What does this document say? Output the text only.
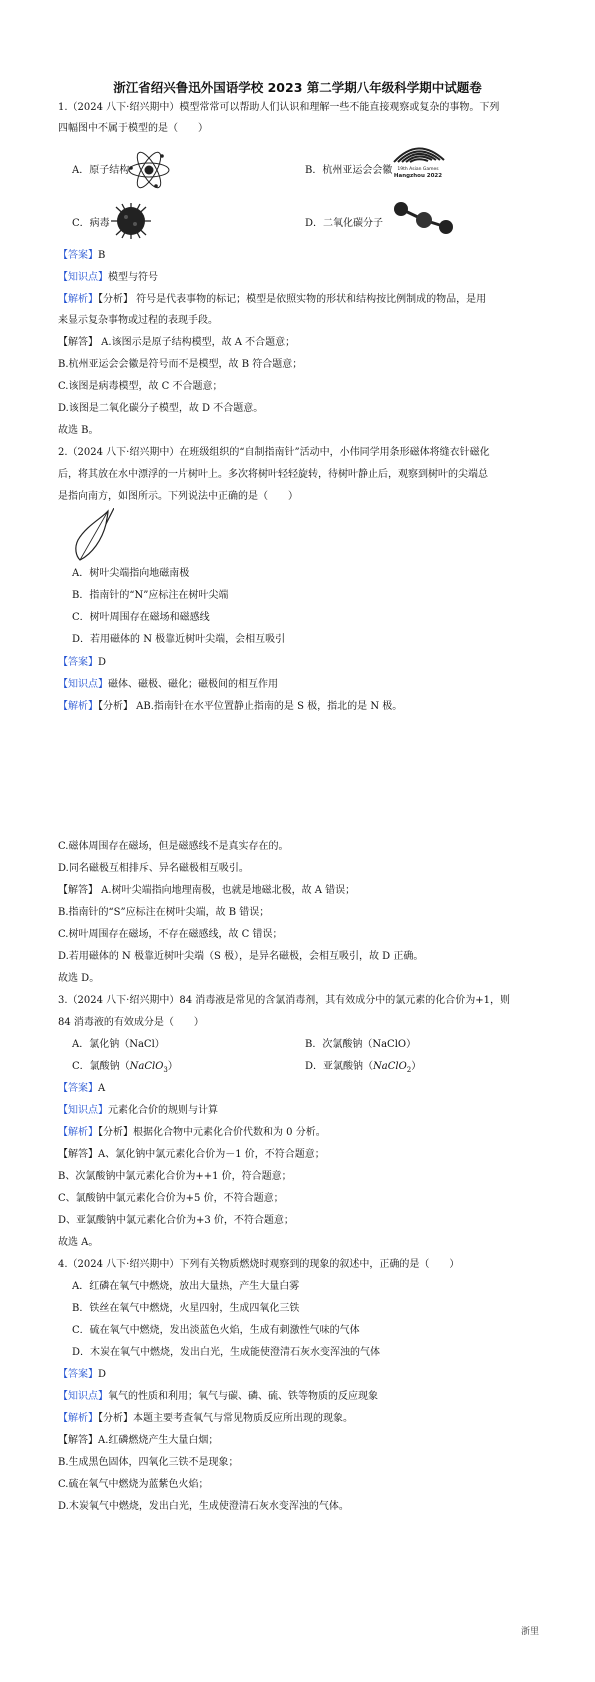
浙江省绍兴鲁迅外国语学校 2023 第二学期八年级科学期中试题卷
1.（2024 八下·绍兴期中）模型常常可以帮助人们认识和理解一些不能直接观察或复杂的事物。下列
四幅图中不属于模型的是（　　）
A．原子结构	B．杭州亚运会会徽 19th Asian Games
Hangzhou 2022
C．病毒	D．二氧化碳分子
【答案】B
【知识点】模型与符号
【解析】【分析】 符号是代表事物的标记；模型是依照实物的形状和结构按比例制成的物品，是用
来显示复杂事物或过程的表现手段。
【解答】 A.该图示是原子结构模型，故 A 不合题意；
B.杭州亚运会会徽是符号而不是模型，故 B 符合题意；
C.该图是病毒模型，故 C 不合题意；
D.该图是二氧化碳分子模型，故 D 不合题意。
故选 B。
2.（2024 八下·绍兴期中）在班级组织的“自制指南针”活动中，小伟同学用条形磁体将缝衣针磁化
后，将其放在水中漂浮的一片树叶上。多次将树叶轻轻旋转，待树叶静止后，观察到树叶的尖端总
是指向南方，如图所示。下列说法中正确的是（　　）
A．树叶尖端指向地磁南极
B．指南针的“N”应标注在树叶尖端
C．树叶周围存在磁场和磁感线
D．若用磁体的 N 极靠近树叶尖端，会相互吸引
【答案】D
【知识点】磁体、磁极、磁化；磁极间的相互作用
【解析】【分析】 AB.指南针在水平位置静止指南的是 S 极，指北的是 N 极。
C.磁体周围存在磁场，但是磁感线不是真实存在的。
D.同名磁极互相排斥、异名磁极相互吸引。
【解答】 A.树叶尖端指向地理南极，也就是地磁北极，故 A 错误；
B.指南针的“S”应标注在树叶尖端，故 B 错误；
C.树叶周围存在磁场，不存在磁感线，故 C 错误；
D.若用磁体的 N 极靠近树叶尖端（S 极），是异名磁极，会相互吸引，故 D 正确。
故选 D。
3.（2024 八下·绍兴期中）84 消毒液是常见的含氯消毒剂，其有效成分中的氯元素的化合价为+1，则
84 消毒液的有效成分是（　　）
A．氯化钠（NaCl）	B．次氯酸钠（NaClO）
C．氯酸钠（NaClO$_3$）	D．亚氯酸钠（NaClO$_2$）
【答案】A
【知识点】元素化合价的规则与计算
【解析】【分析】根据化合物中元素化合价代数和为 0 分析。
【解答】A、氯化钠中氯元素化合价为－1 价，不符合题意；
B、次氯酸钠中氯元素化合价为++1 价，符合题意；
C、氯酸钠中氯元素化合价为+5 价，不符合题意；
D、亚氯酸钠中氯元素化合价为+3 价，不符合题意；
故选 A。
4.（2024 八下·绍兴期中）下列有关物质燃烧时观察到的现象的叙述中，正确的是（　　）
A．红磷在氧气中燃烧，放出大量热，产生大量白雾
B．铁丝在氧气中燃烧，火星四射，生成四氧化三铁
C．硫在氧气中燃烧，发出淡蓝色火焰，生成有刺激性气味的气体
D．木炭在氧气中燃烧，发出白光，生成能使澄清石灰水变浑浊的气体
【答案】D
【知识点】氧气的性质和利用；氧气与碳、磷、硫、铁等物质的反应现象
【解析】【分析】本题主要考查氧气与常见物质反应所出现的现象。
【解答】A.红磷燃烧产生大量白烟；
B.生成黑色固体，四氧化三铁不是现象；
C.硫在氧气中燃烧为蓝紫色火焰；
D.木炭氧气中燃烧，发出白光，生成使澄清石灰水变浑浊的气体。
浙里
